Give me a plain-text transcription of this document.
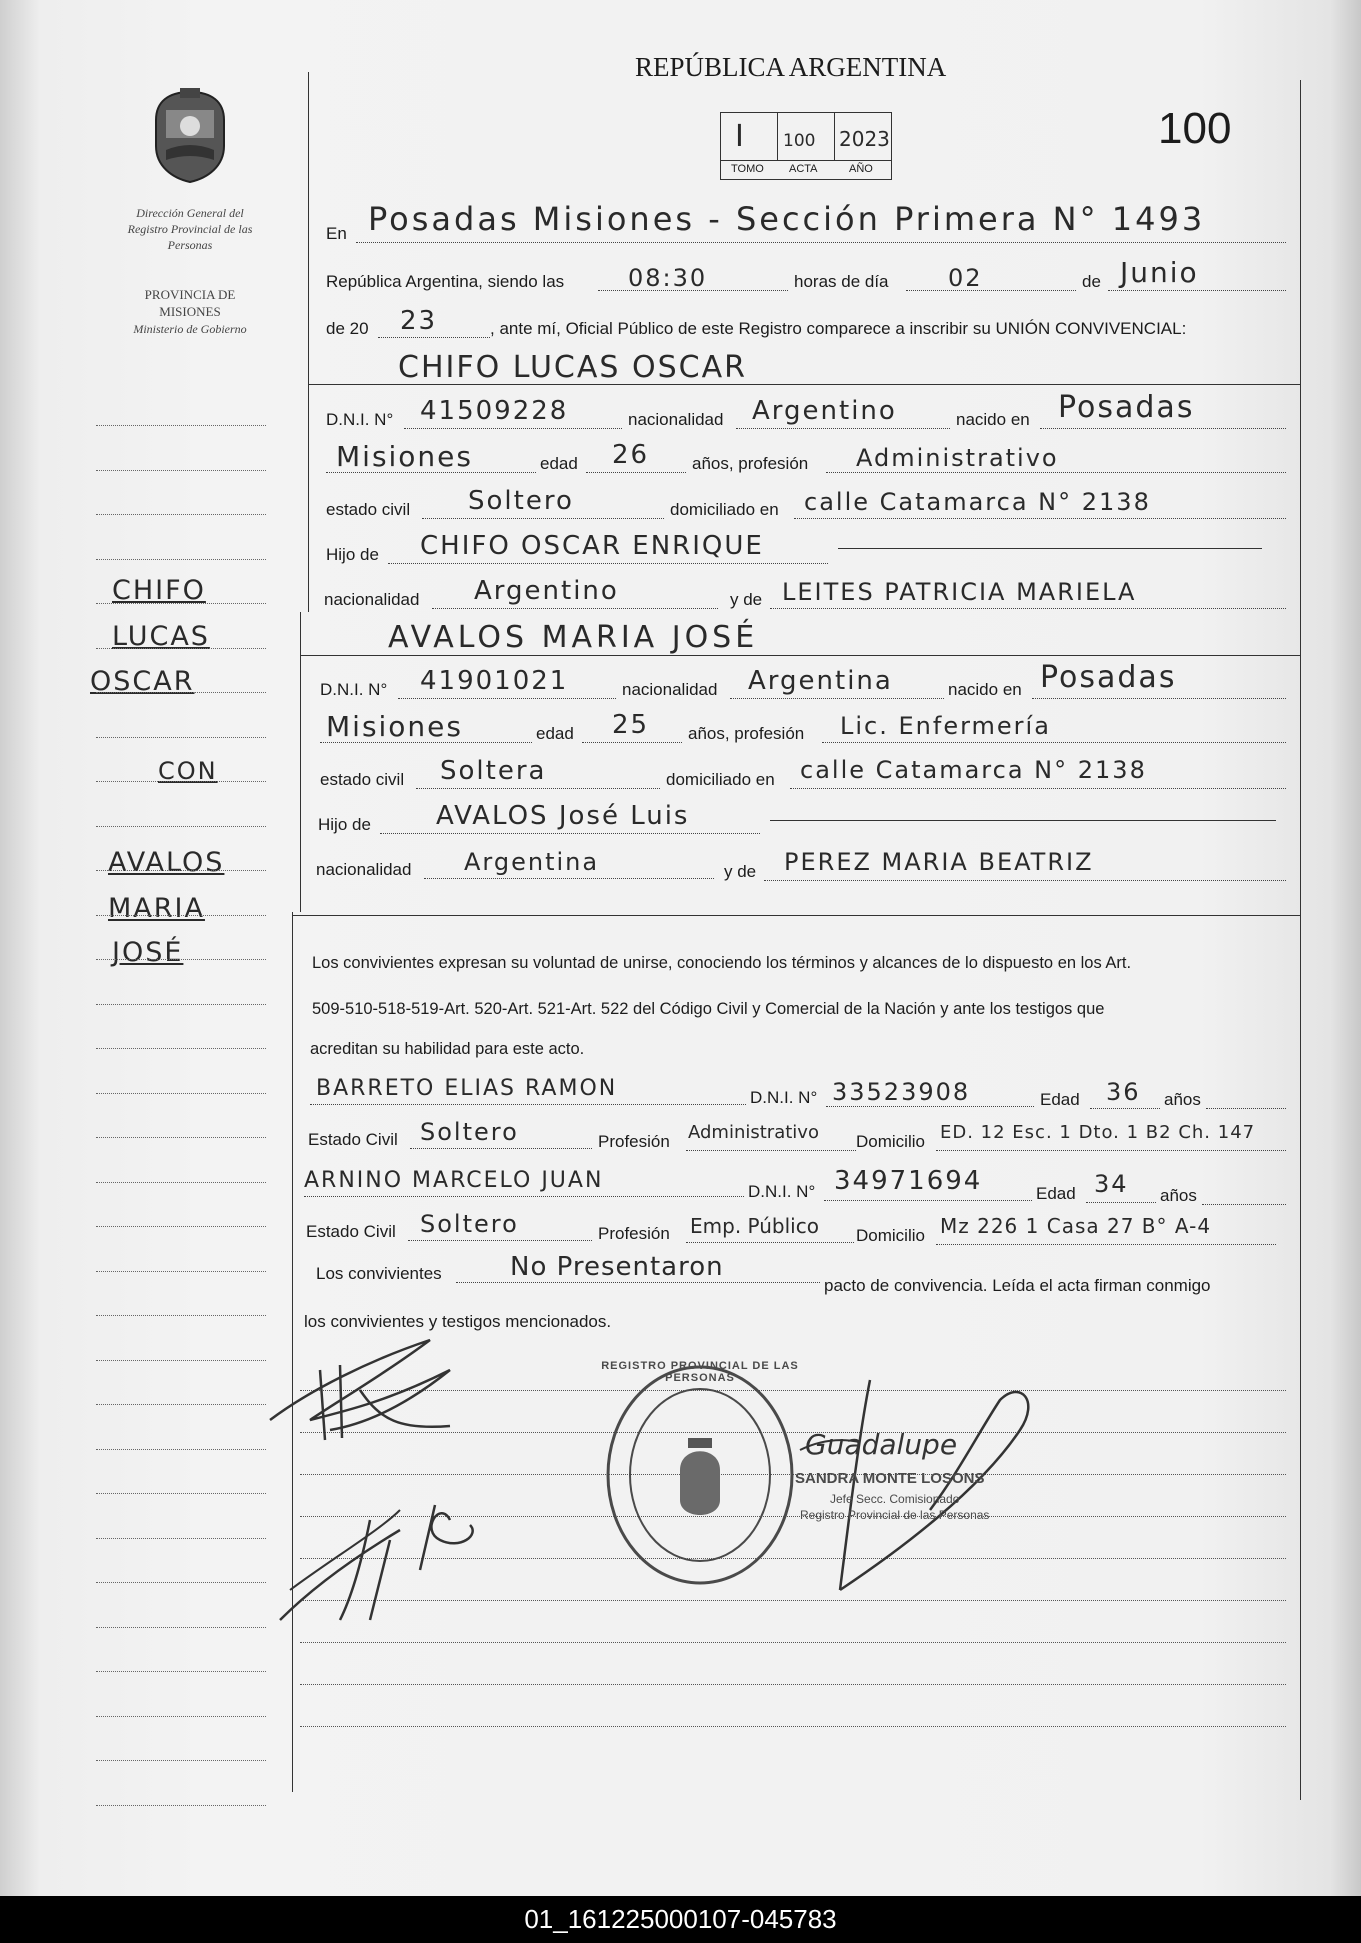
REPÚBLICA ARGENTINA
100
I 100 2023
TOMO ACTA	AÑO
Dirección General del Registro Provincial de las Personas
PROVINCIA DE MISIONES
Ministerio de Gobierno
CHIFO
LUCAS
OSCAR
CON
AVALOS
MARIA
JOSÉ
En Posadas Misiones - Sección Primera N° 1493
República Argentina, siendo las	08:30	horas de día 02	de Junio
de 20 23	, ante mí, Oficial Público de este Registro comparece a inscribir su UNIÓN CONVIVENCIAL:
CHIFO LUCAS OSCAR
D.N.I. N° 41509228	nacionalidad Argentino	nacido en Posadas
Misiones	edad 26	años, profesión Administrativo
estado civil Soltero	domiciliado en calle Catamarca N° 2138
Hijo de CHIFO OSCAR ENRIQUE
nacionalidad Argentino	y de LEITES PATRICIA MARIELA
AVALOS MARIA JOSÉ
D.N.I. N° 41901021	nacionalidad Argentina	nacido en Posadas
Misiones	edad 25 años, profesión Lic. Enfermería
estado civil Soltera	domiciliado en calle Catamarca N° 2138
Hijo de	AVALOS José Luis
nacionalidad Argentina	y de PEREZ MARIA BEATRIZ
Los convivientes expresan su voluntad de unirse, conociendo los términos y alcances de lo dispuesto en los Art.
509-510-518-519-Art. 520-Art. 521-Art. 522 del Código Civil y Comercial de la Nación y ante los testigos que
acreditan su habilidad para este acto.
BARRETO ELIAS RAMON	D.N.I. N° 33523908	Edad 36 años
Estado Civil Soltero	Profesión Administrativo Domicilio ED. 12 Esc. 1 Dto. 1 B2 Ch. 147
ARNINO MARCELO JUAN	D.N.I. N° 34971694	Edad 34 años
Estado Civil Soltero	Profesión Emp. Público Domicilio Mz 226 1 Casa 27 B° A-4
Los convivientes	No Presentaron
pacto de convivencia. Leída el acta firman conmigo
los convivientes y testigos mencionados.
REGISTRO PROVINCIAL DE LAS PERSONAS
Guadalupe
SANDRA MONTE LOSONS
Jefe Secc. Comisionado
Registro Provincial de las Personas
01_161225000107-045783
